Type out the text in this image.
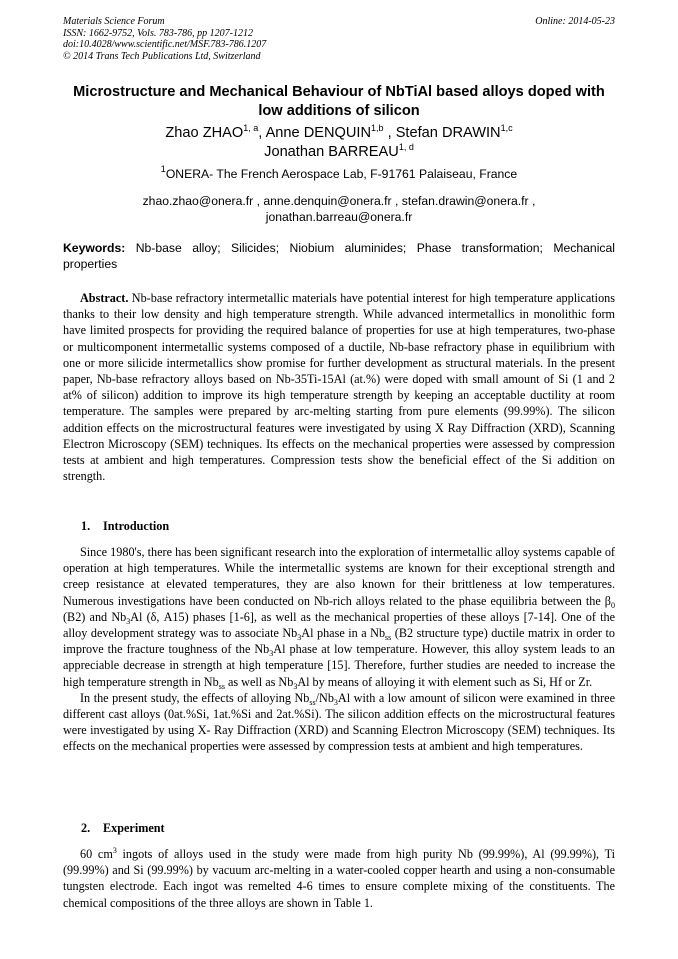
Materials Science Forum
ISSN: 1662-9752, Vols. 783-786, pp 1207-1212
doi:10.4028/www.scientific.net/MSF.783-786.1207
© 2014 Trans Tech Publications Ltd, Switzerland
Online: 2014-05-23
Microstructure and Mechanical Behaviour of NbTiAl based alloys doped with low additions of silicon
Zhao ZHAO$^{1, a}$, Anne DENQUIN$^{1,b}$ , Stefan DRAWIN$^{1,c}$
Jonathan BARREAU$^{1, d}$
$^1$ONERA- The French Aerospace Lab, F-91761 Palaiseau, France
zhao.zhao@onera.fr , anne.denquin@onera.fr , stefan.drawin@onera.fr ,
jonathan.barreau@onera.fr
Keywords: Nb-base alloy; Silicides; Niobium aluminides; Phase transformation; Mechanical properties

Abstract. Nb-base refractory intermetallic materials have potential interest for high temperature applications thanks to their low density and high temperature strength. While advanced intermetallics in monolithic form have limited prospects for providing the required balance of properties for use at high temperatures, two-phase or multicomponent intermetallic systems composed of a ductile, Nb-base refractory phase in equilibrium with one or more silicide intermetallics show promise for further development as structural materials. In the present paper, Nb-base refractory alloys based on Nb-35Ti-15Al (at.%) were doped with small amount of Si (1 and 2 at% of silicon) addition to improve its high temperature strength by keeping an acceptable ductility at room temperature. The samples were prepared by arc-melting starting from pure elements (99.99%). The silicon addition effects on the microstructural features were investigated by using X Ray Diffraction (XRD), Scanning Electron Microscopy (SEM) techniques. Its effects on the mechanical properties were assessed by compression tests at ambient and high temperatures. Compression tests show the beneficial effect of the Si addition on strength.

1. Introduction

Since 1980's, there has been significant research into the exploration of intermetallic alloy systems capable of operation at high temperatures. While the intermetallic systems are known for their exceptional strength and creep resistance at elevated temperatures, they are also known for their brittleness at low temperatures. Numerous investigations have been conducted on Nb-rich alloys related to the phase equilibria between the $\beta_0$ (B2) and $Nb_3Al$ (δ, A15) phases [1-6], as well as the mechanical properties of these alloys [7-14]. One of the alloy development strategy was to associate $Nb_3Al$ phase in a $Nb_{ss}$ (B2 structure type) ductile matrix in order to improve the fracture toughness of the $Nb_3Al$ phase at low temperature. However, this alloy system leads to an appreciable decrease in strength at high temperature [15]. Therefore, further studies are needed to increase the high temperature strength in $Nb_{ss}$ as well as $Nb_3Al$ by means of alloying it with element such as Si, Hf or Zr.

In the present study, the effects of alloying $Nb_{ss}/Nb_3Al$ with a low amount of silicon were examined in three different cast alloys (0at.%Si, 1at.%Si and 2at.%Si). The silicon addition effects on the microstructural features were investigated by using X- Ray Diffraction (XRD) and Scanning Electron Microscopy (SEM) techniques. Its effects on the mechanical properties were assessed by compression tests at ambient and high temperatures.

2. Experiment

60 $cm^3$ ingots of alloys used in the study were made from high purity Nb (99.99%), Al (99.99%), Ti (99.99%) and Si (99.99%) by vacuum arc-melting in a water-cooled copper hearth and using a non-consumable tungsten electrode. Each ingot was remelted 4-6 times to ensure complete mixing of the constituents. The chemical compositions of the three alloys are shown in Table 1.
